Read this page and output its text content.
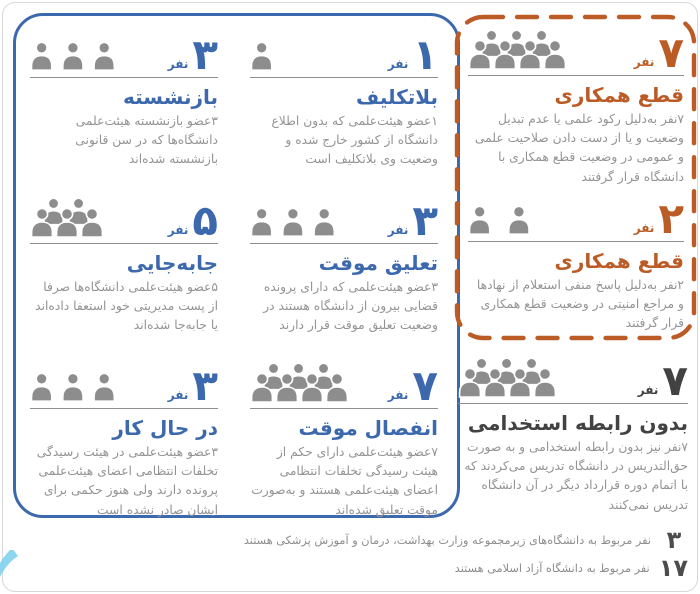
۳
نفر
بازنشسته
۳عضو بازنشسته هیئت‌علمی دانشگاه‌ها که در سن قانونی بازنشسته شده‌اند
۱
نفر
بلاتکلیف
۱عضو هیئت‌علمی که بدون اطلاع دانشگاه از کشور خارج شده و وضعیت وی بلاتکلیف است
۵
نفر
جابه‌جایی
۵عضو هیئت‌علمی دانشگاه‌ها صرفا از پست مدیریتی خود استعفا داده‌اند یا جابه‌جا شده‌اند
۳
نفر
تعلیق موقت
۳عضو هیئت‌علمی که دارای پرونده قضایی بیرون از دانشگاه هستند در وضعیت تعلیق موقت قرار دارند
۳
نفر
در حال کار
۳عضو هیئت‌علمی در هیئت رسیدگی تخلفات انتظامی اعضای هیئت‌علمی پرونده دارند ولی هنوز حکمی برای ایشان صادر نشده است
۷
نفر
انفصال موقت
۷عضو هیئت‌علمی دارای حکم از هیئت رسیدگی تخلفات انتظامی اعضای هیئت‌علمی هستند و به‌صورت موقت تعلیق شده‌اند
۷
نفر
قطع همکاری
۷نفر به‌دلیل رکود علمی یا عدم تبدیل وضعیت و یا از دست دادن صلاحیت علمی و عمومی در وضعیت قطع همکاری با دانشگاه قرار گرفتند
۲
نفر
قطع همکاری
۲نفر به‌دلیل پاسخ منفی استعلام از نهادها و مراجع امنیتی در وضعیت قطع همکاری قرار گرفتند
۷
نفر
بدون رابطه استخدامی
۷نفر نیز بدون رابطه استخدامی و به صورت حق‌التدریس در دانشگاه تدریس می‌کردند که با اتمام دوره قرارداد دیگر در آن دانشگاه تدریس نمی‌کنند
۳
نفر مربوط به دانشگاه‌های زیرمجموعه وزارت بهداشت، درمان و آموزش پزشکی هستند
۱۷
نفر مربوط به دانشگاه آزاد اسلامی هستند
